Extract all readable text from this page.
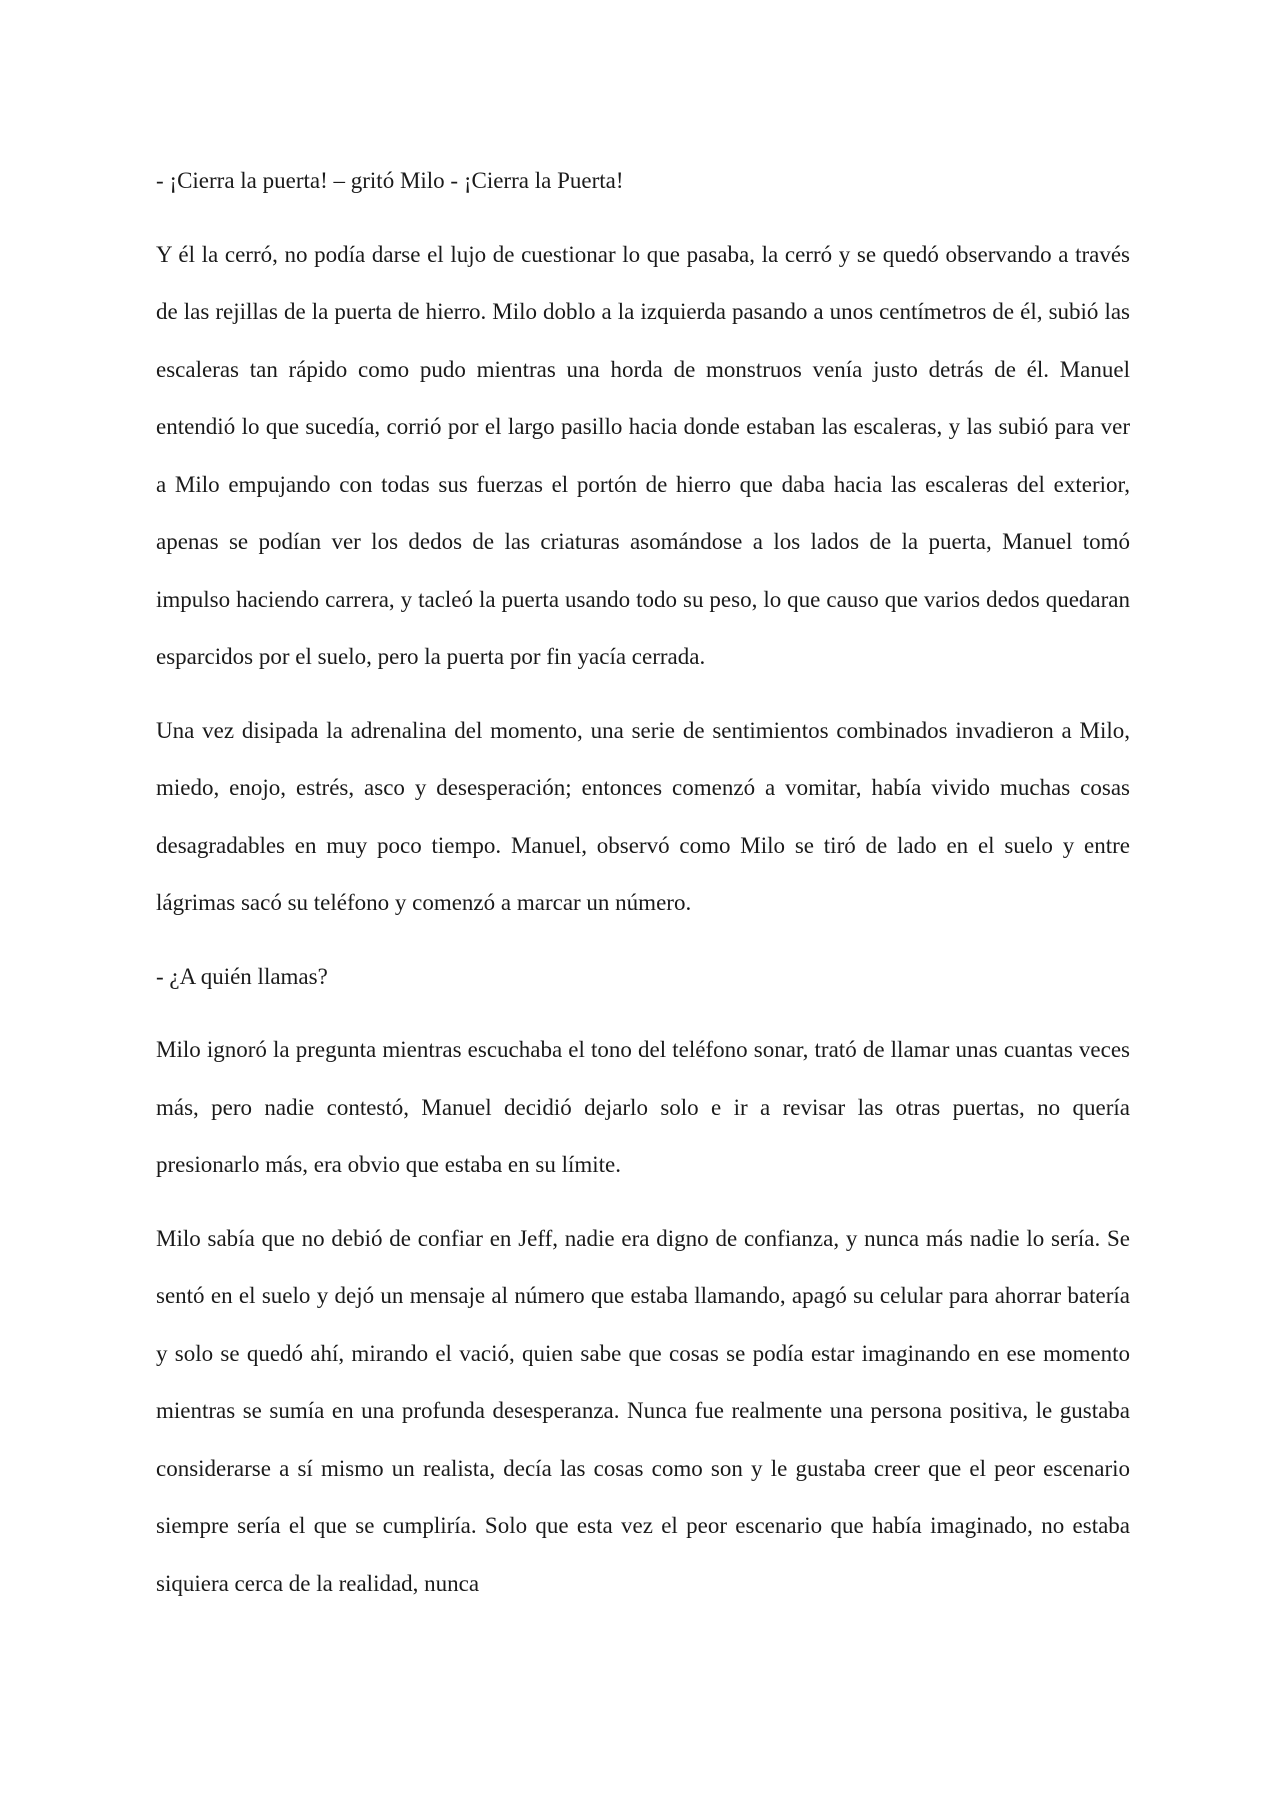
- ¡Cierra la puerta! – gritó Milo - ¡Cierra la Puerta!

Y él la cerró, no podía darse el lujo de cuestionar lo que pasaba, la cerró y se quedó observando a través de las rejillas de la puerta de hierro. Milo doblo a la izquierda pasando a unos centímetros de él, subió las escaleras tan rápido como pudo mientras una horda de monstruos venía justo detrás de él. Manuel entendió lo que sucedía, corrió por el largo pasillo hacia donde estaban las escaleras, y las subió para ver a Milo empujando con todas sus fuerzas el portón de hierro que daba hacia las escaleras del exterior, apenas se podían ver los dedos de las criaturas asomándose a los lados de la puerta, Manuel tomó impulso haciendo carrera, y tacleó la puerta usando todo su peso, lo que causo que varios dedos quedaran esparcidos por el suelo, pero la puerta por fin yacía cerrada.

Una vez disipada la adrenalina del momento, una serie de sentimientos combinados invadieron a Milo, miedo, enojo, estrés, asco y desesperación; entonces comenzó a vomitar, había vivido muchas cosas desagradables en muy poco tiempo. Manuel, observó como Milo se tiró de lado en el suelo y entre lágrimas sacó su teléfono y comenzó a marcar un número.

- ¿A quién llamas?

Milo ignoró la pregunta mientras escuchaba el tono del teléfono sonar, trató de llamar unas cuantas veces más, pero nadie contestó, Manuel decidió dejarlo solo e ir a revisar las otras puertas, no quería presionarlo más, era obvio que estaba en su límite.

Milo sabía que no debió de confiar en Jeff, nadie era digno de confianza, y nunca más nadie lo sería. Se sentó en el suelo y dejó un mensaje al número que estaba llamando, apagó su celular para ahorrar batería y solo se quedó ahí, mirando el vació, quien sabe que cosas se podía estar imaginando en ese momento mientras se sumía en una profunda desesperanza. Nunca fue realmente una persona positiva, le gustaba considerarse a sí mismo un realista, decía las cosas como son y le gustaba creer que el peor escenario siempre sería el que se cumpliría. Solo que esta vez el peor escenario que había imaginado, no estaba siquiera cerca de la realidad, nunca
